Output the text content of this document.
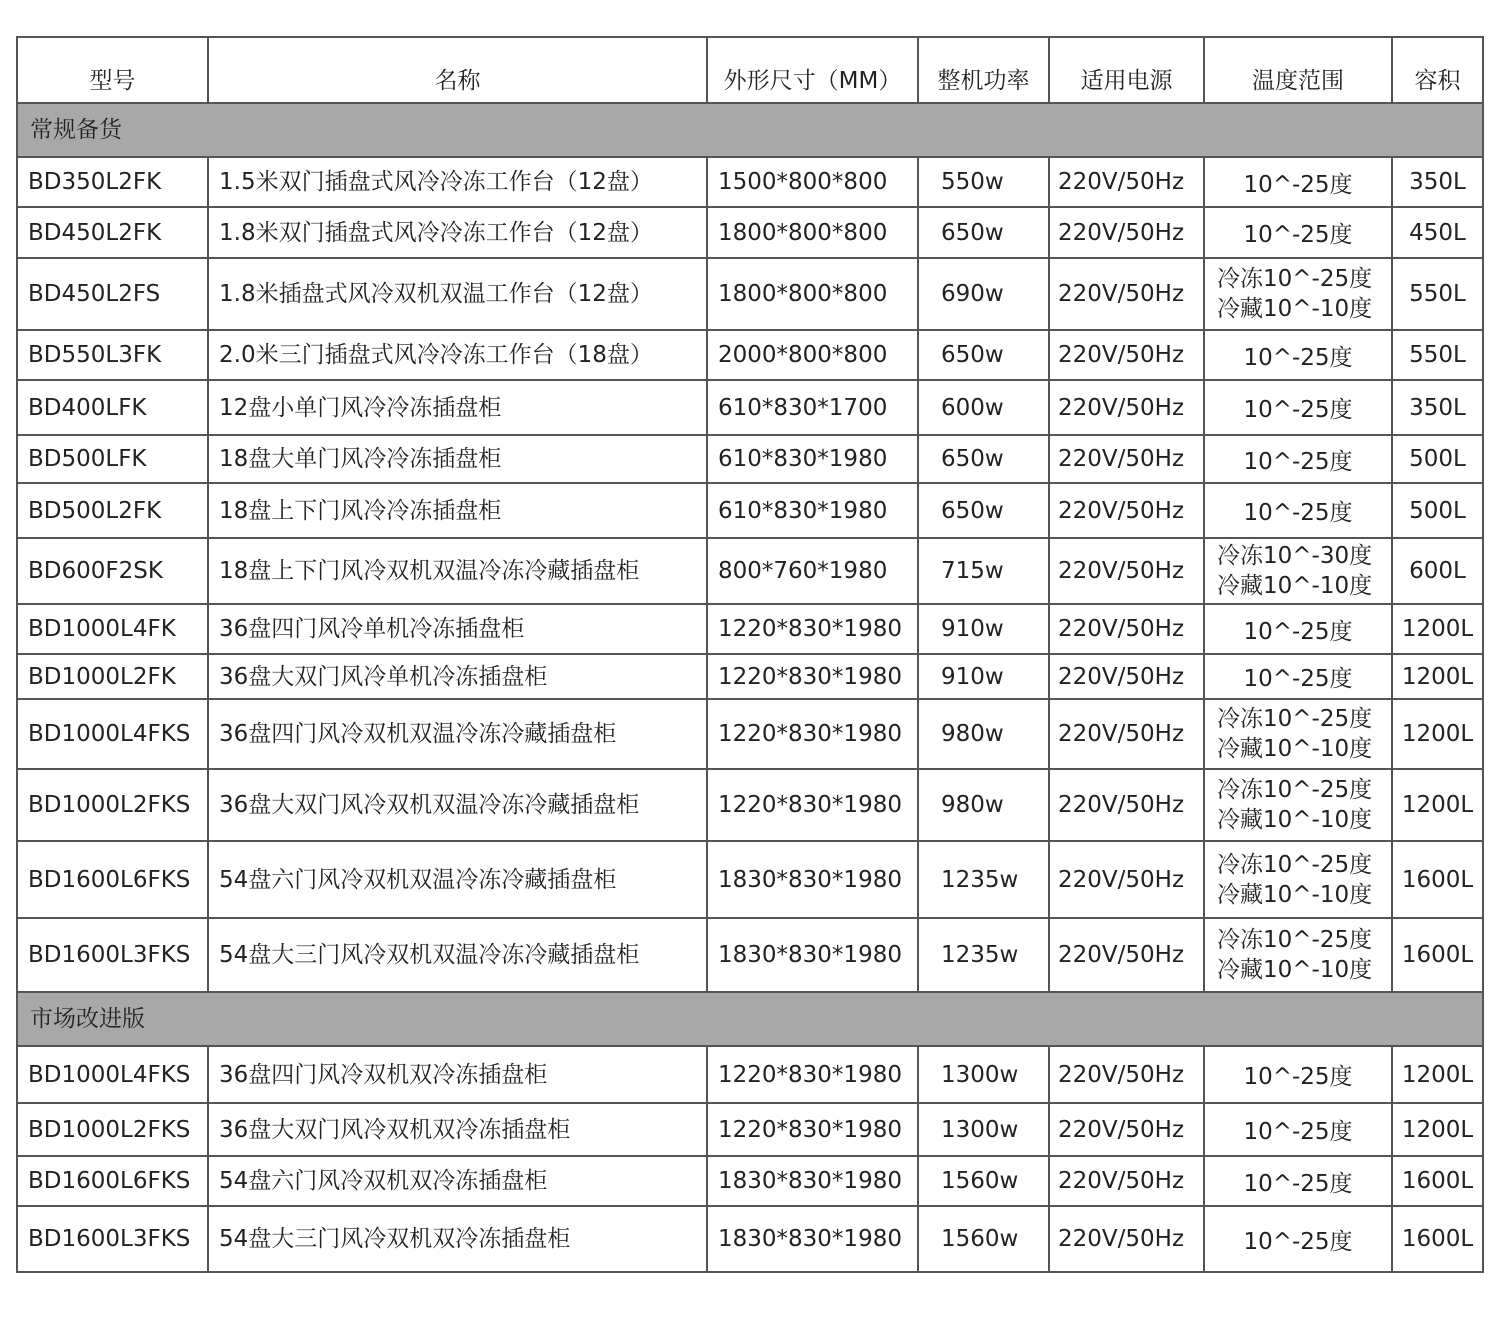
型号	名称	外形尺寸（MM）	整机功率	适用电源	温度范围	容积
常规备货						
BD350L2FK	1.5米双门插盘式风冷冷冻工作台（12盘）	1500*800*800	550w	220V/50Hz	10^-25度	350L
BD450L2FK	1.8米双门插盘式风冷冷冻工作台（12盘）	1800*800*800	650w	220V/50Hz	10^-25度	450L
BD450L2FS	1.8米插盘式风冷双机双温工作台（12盘）	1800*800*800	690w	220V/50Hz	冷冻10^-25度
冷藏10^-10度	550L
BD550L3FK	2.0米三门插盘式风冷冷冻工作台（18盘）	2000*800*800	650w	220V/50Hz	10^-25度	550L
BD400LFK	12盘小单门风冷冷冻插盘柜	610*830*1700	600w	220V/50Hz	10^-25度	350L
BD500LFK	18盘大单门风冷冷冻插盘柜	610*830*1980	650w	220V/50Hz	10^-25度	500L
BD500L2FK	18盘上下门风冷冷冻插盘柜	610*830*1980	650w	220V/50Hz	10^-25度	500L
BD600F2SK	18盘上下门风冷双机双温冷冻冷藏插盘柜	800*760*1980	715w	220V/50Hz	冷冻10^-30度
冷藏10^-10度	600L
BD1000L4FK	36盘四门风冷单机冷冻插盘柜	1220*830*1980	910w	220V/50Hz	10^-25度	1200L
BD1000L2FK	36盘大双门风冷单机冷冻插盘柜	1220*830*1980	910w	220V/50Hz	10^-25度	1200L
BD1000L4FKS	36盘四门风冷双机双温冷冻冷藏插盘柜	1220*830*1980	980w	220V/50Hz	冷冻10^-25度
冷藏10^-10度	1200L
BD1000L2FKS	36盘大双门风冷双机双温冷冻冷藏插盘柜	1220*830*1980	980w	220V/50Hz	冷冻10^-25度
冷藏10^-10度	1200L
BD1600L6FKS	54盘六门风冷双机双温冷冻冷藏插盘柜	1830*830*1980	1235w	220V/50Hz	冷冻10^-25度
冷藏10^-10度	1600L
BD1600L3FKS	54盘大三门风冷双机双温冷冻冷藏插盘柜	1830*830*1980	1235w	220V/50Hz	冷冻10^-25度
冷藏10^-10度	1600L
市场改进版						
BD1000L4FKS	36盘四门风冷双机双冷冻插盘柜	1220*830*1980	1300w	220V/50Hz	10^-25度	1200L
BD1000L2FKS	36盘大双门风冷双机双冷冻插盘柜	1220*830*1980	1300w	220V/50Hz	10^-25度	1200L
BD1600L6FKS	54盘六门风冷双机双冷冻插盘柜	1830*830*1980	1560w	220V/50Hz	10^-25度	1600L
BD1600L3FKS	54盘大三门风冷双机双冷冻插盘柜	1830*830*1980	1560w	220V/50Hz	10^-25度	1600L
